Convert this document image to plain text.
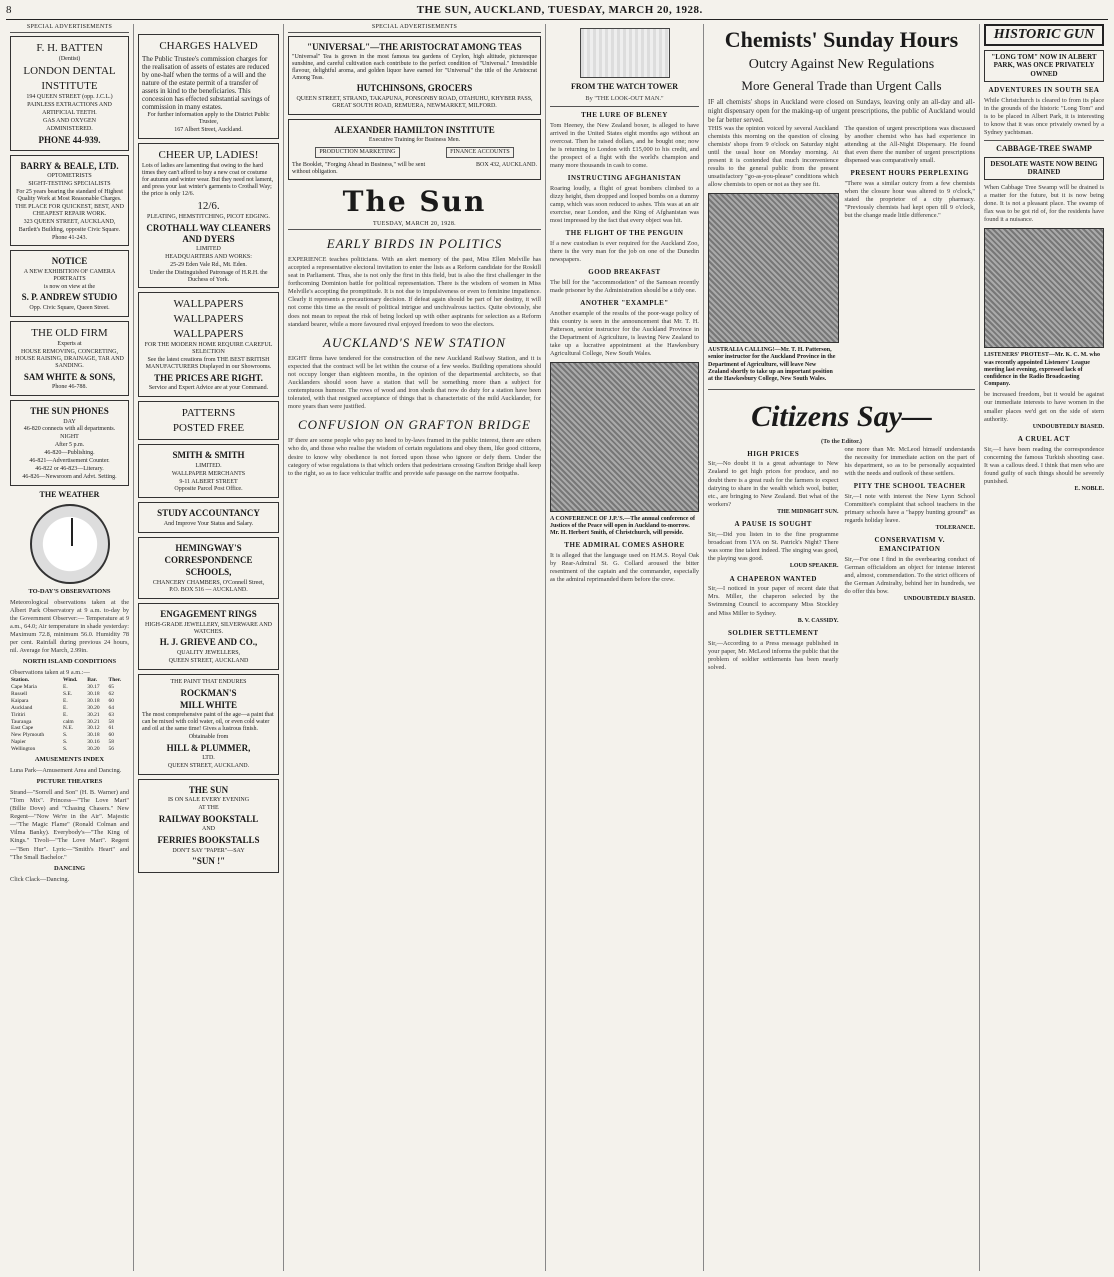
8	THE SUN, AUCKLAND, TUESDAY, MARCH 20, 1928.
SPECIAL ADVERTISEMENTS
F. H. BATTEN

(Dentist)

LONDON DENTAL
INSTITUTE

194 QUEEN STREET (opp. J.C.L.)

PAINLESS EXTRACTIONS AND

ARTIFICIAL TEETH.

GAS AND OXYGEN

ADMINISTERED.

PHONE 44-939.
BARRY & BEALE, LTD.

OPTOMETRISTS

SIGHT-TESTING SPECIALISTS

For 25 years bearing the standard of Highest Quality Work at Most Reasonable Charges.

THE PLACE FOR QUICKEST, BEST, AND CHEAPEST REPAIR WORK.

323 QUEEN STREET, AUCKLAND,

Bartlett's Building, opposite Civic Square.

Phone 41-243.

NOTICE

A NEW EXHIBITION OF CAMERA PORTRAITS

is now on view at the

S. P. ANDREW STUDIO

Opp. Civic Square, Queen Street.

THE OLD FIRM

Experts at

HOUSE REMOVING, CONCRETING, HOUSE RAISING, DRAINAGE, TAR AND SANDING.

SAM WHITE & SONS,

Phone 46-788.

THE SUN PHONES

DAY

46-820 connects with all departments.

NIGHT

After 5 p.m.

46-820—Publishing.

46-821—Advertisement Counter.

46-822 or 46-823—Literary.

46-826—Newsroom and Advt. Setting.

THE WEATHER
TO-DAY'S OBSERVATIONS
Meteorological observations taken at the Albert Park Observatory at 9 a.m. to-day by the Government Observer:— Temperature at 9 a.m., 64.0; Air temperature in shade yesterday: Maximum 72.8, minimum 56.0. Humidity 78 per cent. Rainfall during previous 24 hours, nil. Average for March, 2.99in.
NORTH ISLAND CONDITIONS
Observations taken at 9 a.m.:—
Station.	Wind.	Bar.	Ther.
Cape Maria	E.	30.17	65
Russell	S.E.	30.18	62
Kaipara	E.	30.18	60
Auckland	E.	30.20	64
Tiritiri	E.	30.21	63
Tauranga	calm	30.21	58
East Cape	N.E.	30.12	61
New Plymouth	S.	30.18	60
Napier	S.	30.16	58
Wellington	S.	30.20	56
AMUSEMENTS INDEX
Luna Park—Amusement Area and Dancing.
PICTURE THEATRES
Strand—"Sorrell and Son" (H. B. Warner) and "Tom Mix". Princess—"The Love Mart" (Billie Dove) and "Chasing Chasers." New Regent—"Now We're in the Air". Majestic—"The Magic Flame" (Ronald Colman and Vilma Banky). Everybody's—"The King of Kings." Tivoli—"The Love Mart". Regent—"Ben Hur". Lyric—"Smith's Heart" and "The Small Bachelor."
DANCING
Click Clack—Dancing.
CHARGES HALVED

The Public Trustee's commission charges for the realisation of assets of estates are reduced by one-half when the terms of a will and the nature of the estate permit of a transfer of assets in kind to the beneficiaries. This concession has effected substantial savings of commission in many estates.

For further information apply to the District Public Trustee,

167 Albert Street, Auckland.

CHEER UP, LADIES!

Lots of ladies are lamenting that owing to the hard times they can't afford to buy a new coat or costume for autumn and winter wear. But they need not lament, and press your last winter's garments to Crothall Way; the price is only 12/6.

12/6.

PLEATING, HEMSTITCHING, PICOT EDGING.

CROTHALL WAY CLEANERS AND DYERS

LIMITED

HEADQUARTERS AND WORKS:

25-29 Eden Vale Rd., Mt. Eden.

Under the Distinguished Patronage of H.R.H. the Duchess of York.

WALLPAPERS
WALLPAPERS
WALLPAPERS

FOR THE MODERN HOME REQUIRE CAREFUL SELECTION

See the latest creations from THE BEST BRITISH MANUFACTURERS Displayed in our Showrooms.

THE PRICES ARE RIGHT.

Service and Expert Advice are at your Command.

PATTERNS
POSTED FREE
SMITH & SMITH

LIMITED.

WALLPAPER MERCHANTS

9-11 ALBERT STREET

Opposite Parcel Post Office.

STUDY ACCOUNTANCY

And Improve Your Status and Salary.

HEMINGWAY'S
CORRESPONDENCE
SCHOOLS,

CHANCERY CHAMBERS, O'Connell Street,

P.O. BOX 516 — AUCKLAND.

ENGAGEMENT RINGS

HIGH-GRADE JEWELLERY, SILVERWARE AND WATCHES.

H. J. GRIEVE AND CO.,

QUALITY JEWELLERS,

QUEEN STREET, AUCKLAND

THE PAINT THAT ENDURES

ROCKMAN'S
MILL WHITE

The most comprehensive paint of the age—a paint that can be mixed with cold water, oil, or even cold water and oil at the same time! Gives a lustrous finish.

Obtainable from

HILL & PLUMMER,

LTD.

QUEEN STREET, AUCKLAND.

THE SUN

IS ON SALE EVERY EVENING

AT THE

RAILWAY BOOKSTALL

AND

FERRIES BOOKSTALLS

DON'T SAY "PAPER"—SAY

"SUN !"
SPECIAL ADVERTISEMENTS
"UNIVERSAL"—THE ARISTOCRAT AMONG TEAS

"Universal" Tea is grown in the most famous tea gardens of Ceylon, high altitude, picturesque sunshine, and careful cultivation each contribute to the perfect condition of "Universal." Irresistible flavour, delightful aroma, and golden liquor have earned for "Universal" the title of the Aristocrat Among Teas.

HUTCHINSONS, GROCERS

QUEEN STREET, STRAND, TAKAPUNA, PONSONBY ROAD, OTAHUHU, KHYBER PASS, GREAT SOUTH ROAD, REMUERA, NEWMARKET, MILFORD.

ALEXANDER HAMILTON INSTITUTE

Executive Training for Business Men.

PRODUCTION MARKETING	FINANCE ACCOUNTS

The Booklet, "Forging Ahead in Business," will be sent without obligation.

BOX 432, AUCKLAND.

The Sun
TUESDAY, MARCH 20, 1928.
EARLY BIRDS IN POLITICS
EXPERIENCE teaches politicians. With an alert memory of the past, Miss Ellen Melville has accepted a representative electoral invitation to enter the lists as a Reform candidate for the Roskill seat in Parliament. Thus, she is not only the first in this field, but is also the first challenger in the forthcoming Dominion battle for political representation. There is the wisdom of women in Miss Melville's accepting the promptitude. It is not due to impulsiveness or even to feminine impatience. Clearly it represents a precautionary decision. If defeat again should be part of her destiny, it will not come this time as the result of political intrigue and unchivalrous tactics. Quite obviously, she does not mean to repeat the risk of being locked up with other aspirants for selection as a Reform standard bearer, while a more favoured rival enjoyed freedom to woo the electors.
AUCKLAND'S NEW STATION
EIGHT firms have tendered for the construction of the new Auckland Railway Station, and it is expected that the contract will be let within the course of a few weeks. Building operations should not occupy longer than eighteen months, in the opinion of the departmental architects, so that Aucklanders should soon have a station that will be something more than a subject for contemptuous humour. The rows of wood and iron sheds that now do duty for a station have been tolerated, with that resigned acceptance of things that is characteristic of the mild Aucklander, for more years than were justified.
CONFUSION ON GRAFTON BRIDGE
IF there are some people who pay no heed to by-laws framed in the public interest, there are others who do, and those who realise the wisdom of certain regulations and obey them, like good citizens, desire to know why obedience is not forced upon those who ignore or defy them. Under the category of wise regulations is that which orders that pedestrians crossing Grafton Bridge shall keep to the right, so as to face vehicular traffic and provide safe passage on the narrow footpaths.
FROM THE WATCH TOWER
By "THE LOOK-OUT MAN."
THE LURE OF BLENEY
Tom Heeney, the New Zealand boxer, is alleged to have arrived in the United States eight months ago without an overcoat. Then he raised dollars, and he bought one; now he is returning to London with £15,000 to his credit, and the prospect of a fight with the world's champion and many more thousands in cash to come.
INSTRUCTING AFGHANISTAN
Roaring loudly, a flight of great bombers climbed to a dizzy height, then dropped and looped bombs on a dummy camp, which was soon reduced to ashes. This was at an air exercise, near London, and the King of Afghanistan was most impressed by the fact that every object was hit.
THE FLIGHT OF THE PENGUIN
If a new custodian is ever required for the Auckland Zoo, there is the very man for the job on one of the Dunedin newspapers.
GOOD BREAKFAST
The bill for the "accommodation" of the Samoan recently made prisoner by the Administration should be a tidy one.
ANOTHER "EXAMPLE"
Another example of the results of the poor-wage policy of this country is seen in the announcement that Mr. T. H. Patterson, senior instructor for the Auckland Province in the Department of Agriculture, is leaving New Zealand to take up a lucrative appointment at the Hawkesbury Agricultural College, New South Wales.
A CONFERENCE OF J.P.'S.—The annual conference of Justices of the Peace will open in Auckland to-morrow. Mr. H. Herbert Smith, of Christchurch, will preside.
THE ADMIRAL COMES ASHORE
It is alleged that the language used on H.M.S. Royal Oak by Rear-Admiral St. G. Collard aroused the bitter resentment of the captain and the commander, especially as the admiral reprimanded them before the crew.
Chemists' Sunday Hours
Outcry Against New Regulations
More General Trade than Urgent Calls
IF all chemists' shops in Auckland were closed on Sundays, leaving only an all-day and all-night dispensary open for the making-up of urgent prescriptions, the public of Auckland would be far better served.
THIS was the opinion voiced by several Auckland chemists this morning on the question of closing chemists' shops from 9 o'clock on Saturday night until the usual hour on Monday morning. At present it is contended that much inconvenience results to the general public from the present unsatisfactory "go-as-you-please" conditions which allow chemists to open or not as they see fit.
AUSTRALIA CALLING!—Mr. T. H. Patterson, senior instructor for the Auckland Province in the Department of Agriculture, will leave New Zealand shortly to take up an important position at the Hawkesbury College, New South Wales.
The question of urgent prescriptions was discussed by another chemist who has had experience in attending at the All-Night Dispensary. He found that even there the number of urgent prescriptions dispensed was comparatively small.
PRESENT HOURS PERPLEXING
"There was a similar outcry from a few chemists when the closure hour was altered to 9 o'clock," stated the proprietor of a city pharmacy. "Previously chemists had kept open till 9 o'clock, but the change made little difference."
Citizens Say—
(To the Editor.)
HIGH PRICES
Sir,—No doubt it is a great advantage to New Zealand to get high prices for produce, and no doubt there is a great rush for the farmers to expect dairying to share in the wealth which wool, butter, etc., are bringing to New Zealand. But what of the workers?
THE MIDNIGHT SUN.
A PAUSE IS SOUGHT
Sir,—Did you listen in to the fine programme broadcast from 1YA on St. Patrick's Night? There was some fine talent indeed. The singing was good, the playing was good.
LOUD SPEAKER.
A CHAPERON WANTED
Sir,—I noticed in your paper of recent date that Mrs. Miller, the chaperon selected by the Swimming Council to accompany Miss Stockley and Miss Miller to Sydney.
B. V. CASSIDY.
SOLDIER SETTLEMENT
Sir,—According to a Press message published in your paper, Mr. McLeod informs the public that the problem of soldier settlements has been nearly solved.
one more than Mr. McLeod himself understands the necessity for immediate action on the part of his department, so as to be personally acquainted with the needs and outlook of these settlers.
PITY THE SCHOOL TEACHER
Sir,—I note with interest the New Lynn School Committee's complaint that school teachers in the primary schools have a "happy hunting ground" as regards holiday leave.
TOLERANCE.
CONSERVATISM V. EMANCIPATION
Sir,—For one I find in the overbearing conduct of German officialdom an object for intense interest and, almost, commendation. To the strict officers of the German Admiralty, behind her in hundreds, we do offer this bow.
UNDOUBTEDLY BIASED.
HISTORIC GUN
"LONG TOM" NOW IN ALBERT PARK, WAS ONCE PRIVATELY OWNED
ADVENTURES IN SOUTH SEA
While Christchurch is cleared to from its place in the grounds of the historic "Long Tom" and is to be placed in Albert Park, it is interesting to know that it was once privately owned by a Sydney yachtsman.
CABBAGE-TREE SWAMP
DESOLATE WASTE NOW BEING DRAINED
When Cabbage Tree Swamp will be drained is a matter for the future, but it is now being done. It is not a pleasant place. The swamp of flax was to be got rid of, for the residents have found it a nuisance.
LISTENERS' PROTEST—Mr. K. C. M. who was recently appointed Listeners' League meeting last evening, expressed lack of confidence in the Radio Broadcasting Company.
be increased freedom, but it would be against our immediate interests to have women in the smaller places we'd get on the side of stern authority.
UNDOUBTEDLY BIASED.
A CRUEL ACT
Sir,—I have been reading the correspondence concerning the famous Turkish shooting case. It was a callous deed. I think that men who are found guilty of such things should be severely punished.
E. NOBLE.
